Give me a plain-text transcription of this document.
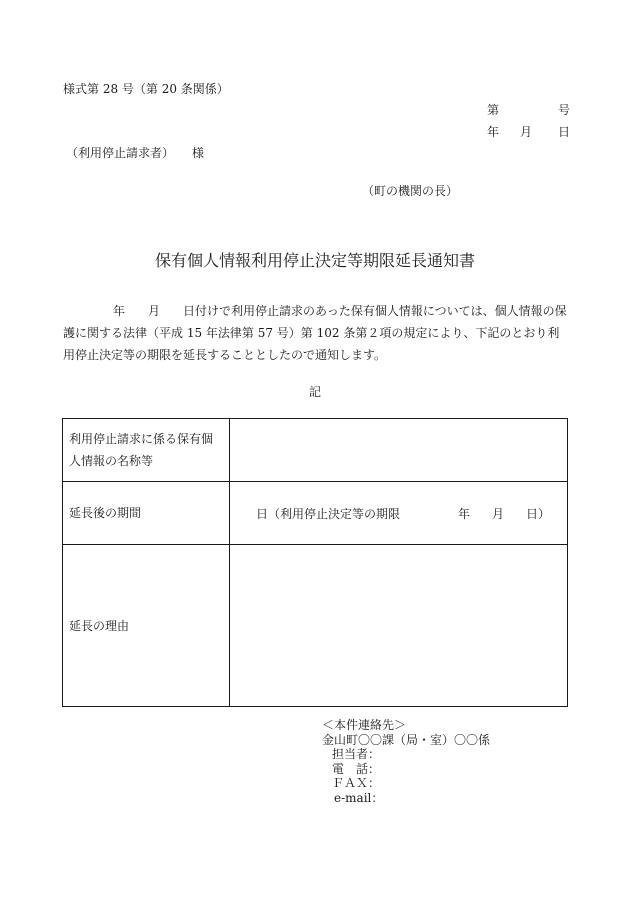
様式第 28 号（第 20 条関係）
第	号
年 月 日
（利用停止請求者） 様
（町の機関の長）
保有個人情報利用停止決定等期限延長通知書
年 月 日付けで利用停止請求のあった保有個人情報については、個人情報の保護に関する法律（平成 15 年法律第 57 号）第 102 条第２項の規定により、下記のとおり利用停止決定等の期限を延長することとしたので通知します。
記
利用停止請求に係る保有個人情報の名称等	
延長後の期間	日（利用停止決定等の期限 年 月 日）
延長の理由	
＜本件連絡先＞
金山町〇〇課（局・室）〇〇係
担当者：
電　話：
ＦＡＸ：
e-mail：
